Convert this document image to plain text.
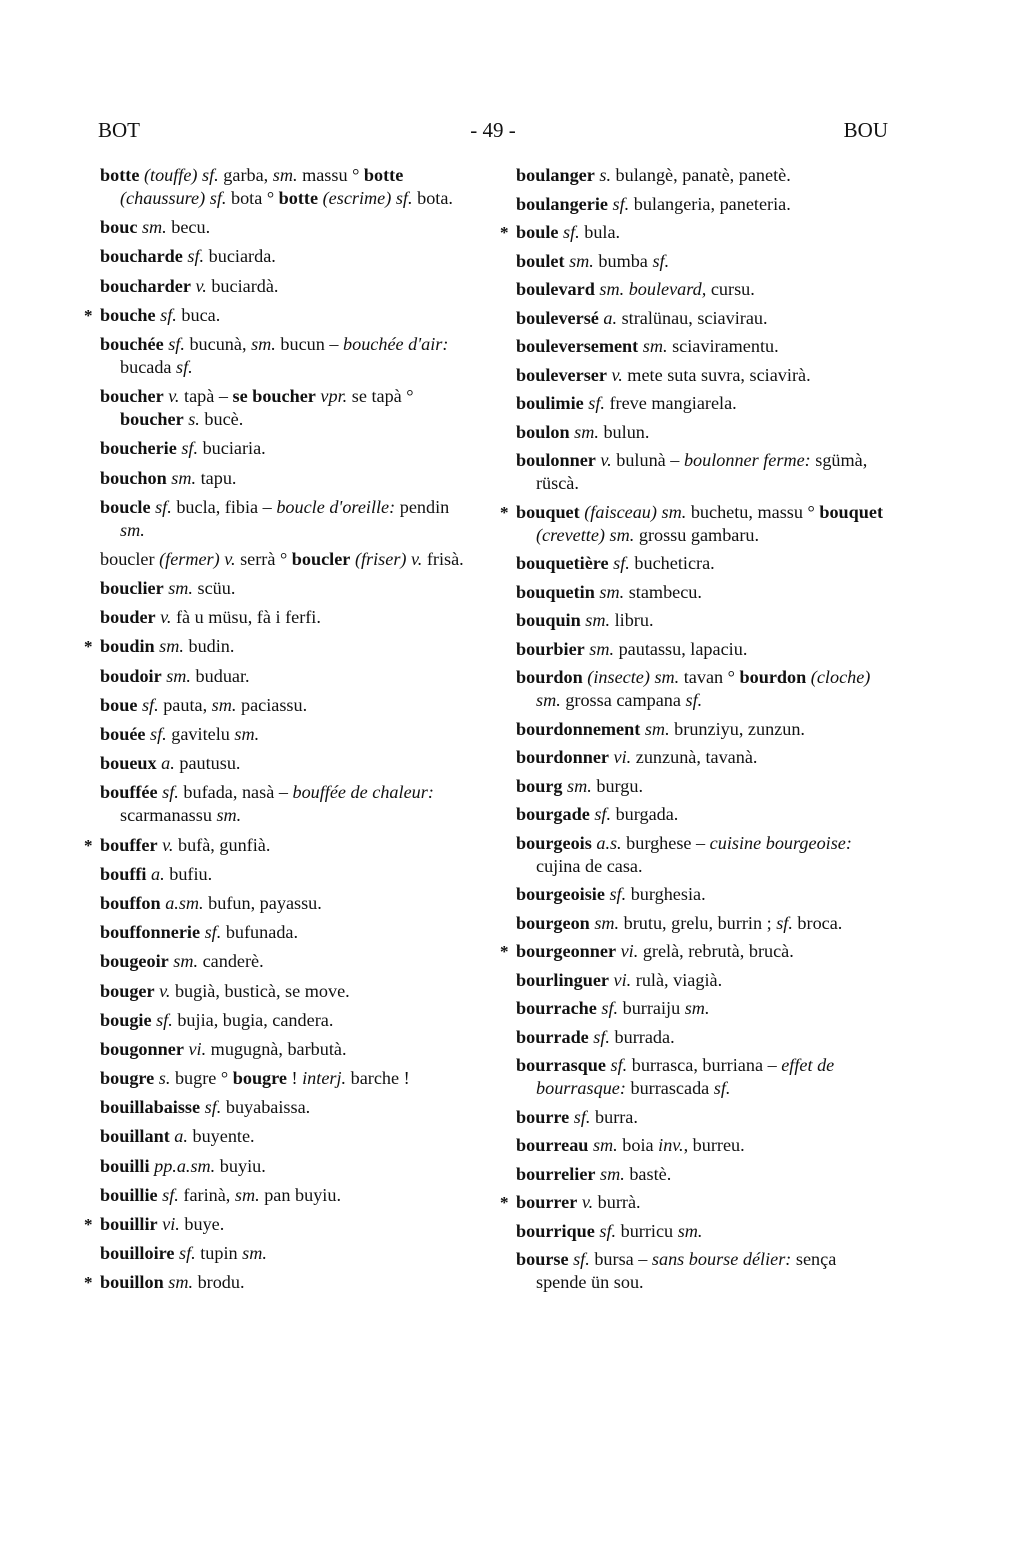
BOT	- 49 -	BOU
botte (touffe) sf. garba, sm. massu ° botte (chaussure) sf. bota ° botte (escrime) sf. bota.
bouc sm. becu.
boucharde sf. buciarda.
boucharder v. buciardà.
* bouche sf. buca.
bouchée sf. bucunà, sm. bucun – bouchée d'air: bucada sf.
boucher v. tapà – se boucher vpr. se tapà ° boucher s. bucè.
boucherie sf. buciaria.
bouchon sm. tapu.
boucle sf. bucla, fibia – boucle d'oreille: pendin sm.
boucler (fermer) v. serrà ° boucler (friser) v. frisà.
bouclier sm. scüu.
bouder v. fà u müsu, fà i ferfi.
* boudin sm. budin.
boudoir sm. buduar.
boue sf. pauta, sm. paciassu.
bouée sf. gavitelu sm.
boueux a. pautusu.
bouffée sf. bufada, nasà – bouffée de chaleur: scarmanassu sm.
* bouffer v. bufà, gunfià.
bouffi a. bufiu.
bouffon a.sm. bufun, payassu.
bouffonnerie sf. bufunada.
bougeoir sm. canderè.
bouger v. bugià, busticà, se move.
bougie sf. bujia, bugia, candera.
bougonner vi. mugugnà, barbutà.
bougre s. bugre ° bougre ! interj. barche !
bouillabaisse sf. buyabaissa.
bouillant a. buyente.
bouilli pp.a.sm. buyiu.
bouillie sf. farinà, sm. pan buyiu.
* bouillir vi. buye.
bouilloire sf. tupin sm.
* bouillon sm. brodu.
boulanger s. bulangè, panatè, panetè.
boulangerie sf. bulangeria, paneteria.
* boule sf. bula.
boulet sm. bumba sf.
boulevard sm. boulevard, cursu.
bouleversé a. stralünau, sciavirau.
bouleversement sm. sciaviramentu.
bouleverser v. mete suta suvra, sciavirà.
boulimie sf. freve mangiarela.
boulon sm. bulun.
boulonner v. bulunà – boulonner ferme: sgümà, rüscà.
* bouquet (faisceau) sm. buchetu, massu ° bouquet (crevette) sm. grossu gambaru.
bouquetière sf. bucheticra.
bouquetin sm. stambecu.
bouquin sm. libru.
bourbier sm. pautassu, lapaciu.
bourdon (insecte) sm. tavan ° bourdon (cloche) sm. grossa campana sf.
bourdonnement sm. brunziyu, zunzun.
bourdonner vi. zunzunà, tavanà.
bourg sm. burgu.
bourgade sf. burgada.
bourgeois a.s. burghese – cuisine bourgeoise: cujina de casa.
bourgeoisie sf. burghesia.
bourgeon sm. brutu, grelu, burrin ; sf. broca.
* bourgeonner vi. grelà, rebrutà, brucà.
bourlinguer vi. rulà, viagià.
bourrache sf. burraiju sm.
bourrade sf. burrada.
bourrasque sf. burrasca, burriana – effet de bourrasque: burrascada sf.
bourre sf. burra.
bourreau sm. boia inv., burreu.
bourrelier sm. bastè.
* bourrer v. burrà.
bourrique sf. burricu sm.
bourse sf. bursa – sans bourse délier: sença spende ün sou.
